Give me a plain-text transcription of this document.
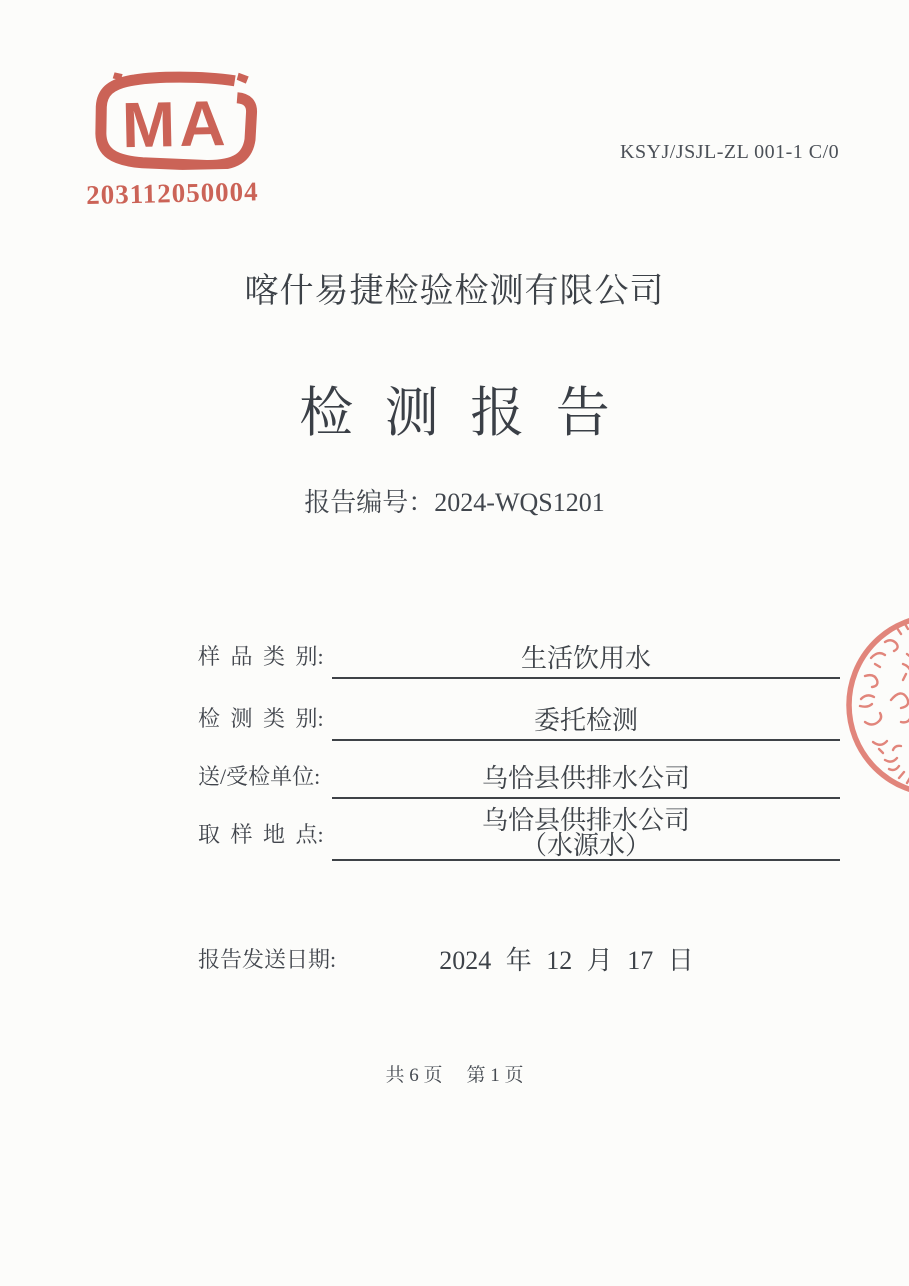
MA
203112050004
KSYJ/JSJL-ZL 001-1 C/0
喀什易捷检验检测有限公司
检 测 报 告
报告编号：2024-WQS1201
样 品 类 别:	生活饮用水
检 测 类 别:	委托检测
送/受检单位:	乌恰县供排水公司
取 样 地 点:	乌恰县供排水公司
（水源水）
报告发送日期:	2024 年 12 月 17 日
共 6 页 第 1 页
